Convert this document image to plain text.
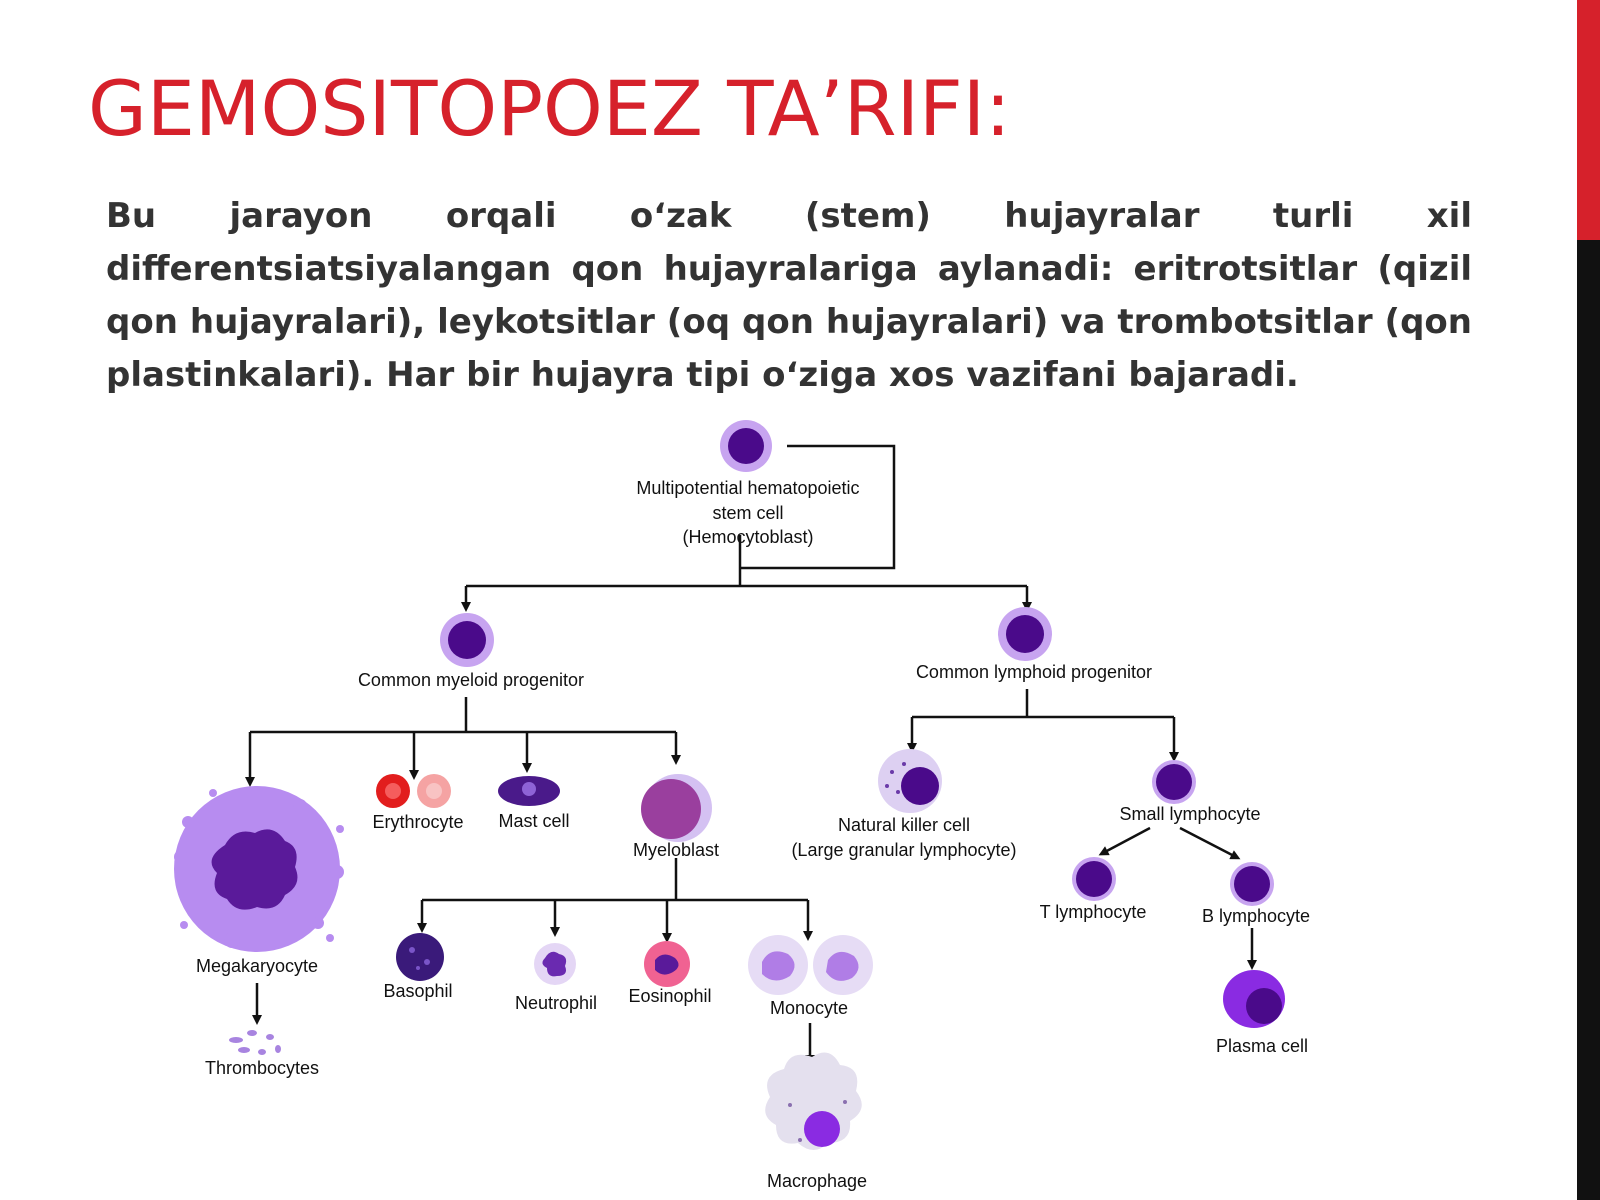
GEMOSITOPOEZ TA’RIFI:

Bu jarayon orqali o‘zak (stem) hujayralar turli xil differentsiatsiyalangan qon hujayralariga aylanadi: eritrotsitlar (qizil qon hujayralari), leykotsitlar (oq qon hujayralari) va trombotsitlar (qon plastinkalari). Har bir hujayra tipi o‘ziga xos vazifani bajaradi.

Multipotential hematopoietic
stem cell
(Hemocytoblast)
Common myeloid progenitor	Common lymphoid progenitor
Megakaryocyte
Thrombocytes
Erythrocyte Mast cell
Myeloblast
Basophil
Neutrophil Eosinophil
Monocyte
Macrophage
Natural killer cell
(Large granular lymphocyte)
Small lymphocyte
T lymphocyte	B lymphocyte
Plasma cell
